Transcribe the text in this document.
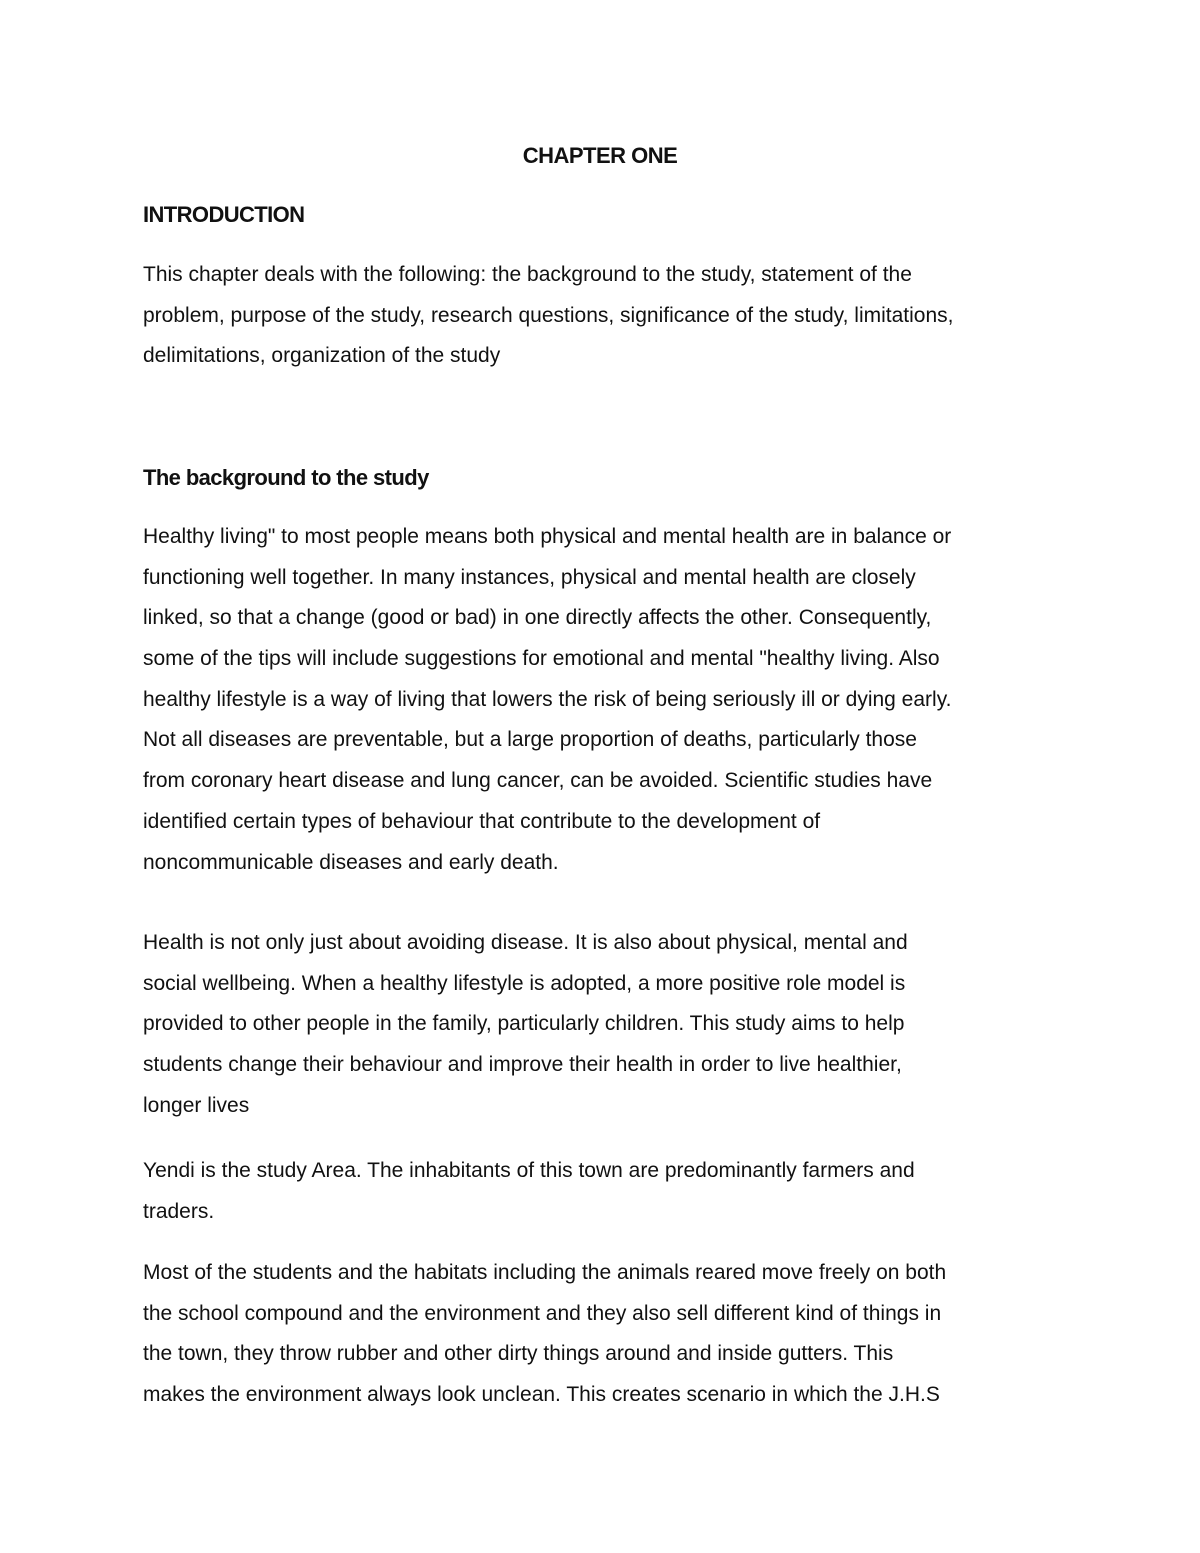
CHAPTER ONE
INTRODUCTION

This chapter deals with the following: the background to the study, statement of the
problem, purpose of the study, research questions, significance of the study, limitations,
delimitations, organization of the study

The background to the study

Healthy living" to most people means both physical and mental health are in balance or
functioning well together. In many instances, physical and mental health are closely
linked, so that a change (good or bad) in one directly affects the other. Consequently,
some of the tips will include suggestions for emotional and mental "healthy living. Also
healthy lifestyle is a way of living that lowers the risk of being seriously ill or dying early.
Not all diseases are preventable, but a large proportion of deaths, particularly those
from coronary heart disease and lung cancer, can be avoided. Scientific studies have
identified certain types of behaviour that contribute to the development of
noncommunicable diseases and early death.

Health is not only just about avoiding disease. It is also about physical, mental and
social wellbeing. When a healthy lifestyle is adopted, a more positive role model is
provided to other people in the family, particularly children. This study aims to help
students change their behaviour and improve their health in order to live healthier,
longer lives

Yendi is the study Area. The inhabitants of this town are predominantly farmers and
traders.

Most of the students and the habitats including the animals reared move freely on both
the school compound and the environment and they also sell different kind of things in
the town, they throw rubber and other dirty things around and inside gutters. This
makes the environment always look unclean. This creates scenario in which the J.H.S
